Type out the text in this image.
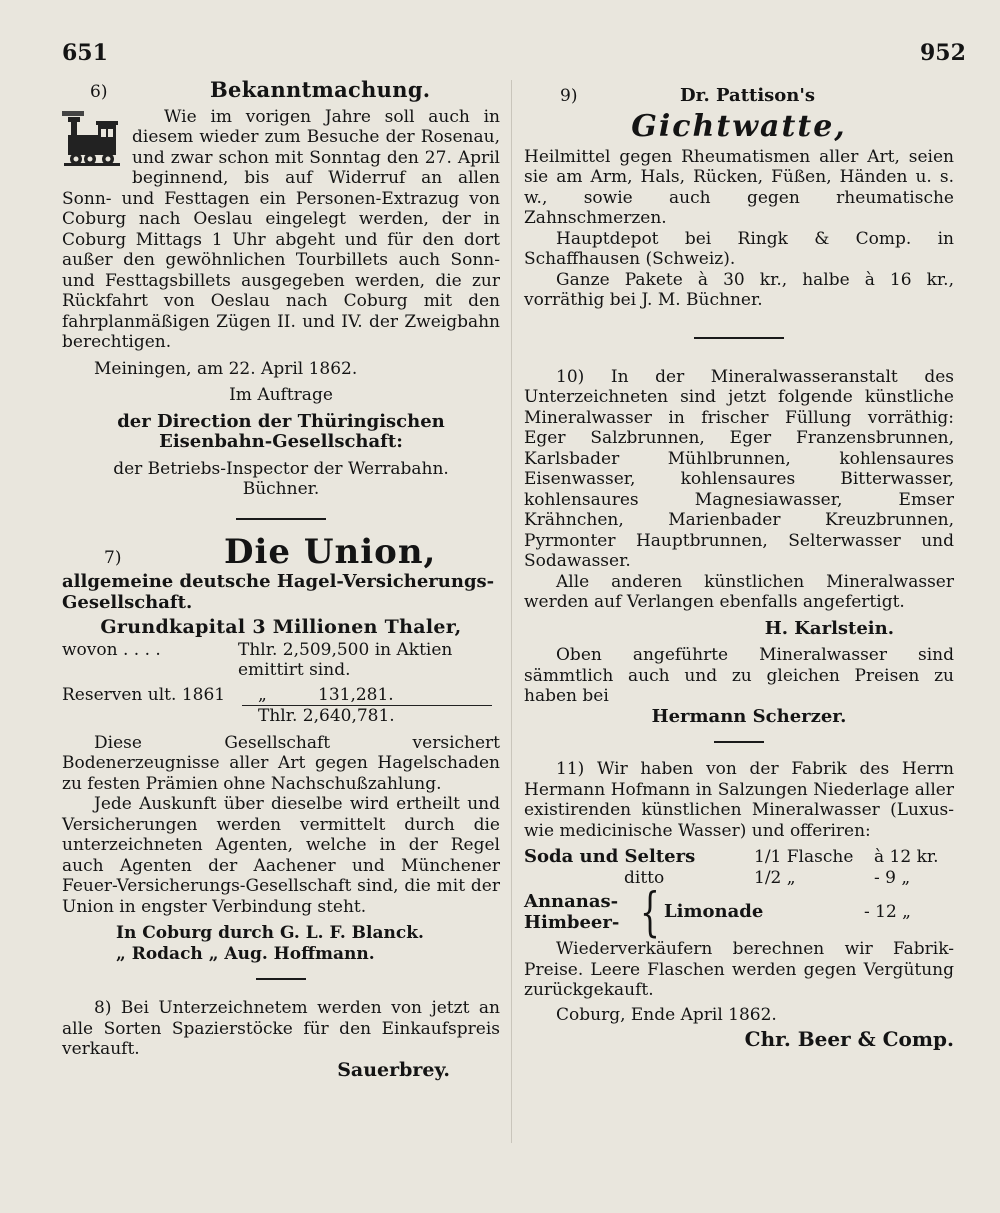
651	952
6)	Bekanntmachung.

Wie im vorigen Jahre soll auch in diesem wieder zum Besuche der Rosenau, und zwar schon mit Sonntag den 27. April beginnend, bis auf Widerruf an allen Sonn- und Festtagen ein Personen-Extrazug von Coburg nach Oeslau eingelegt werden, der in Coburg Mittags 1 Uhr abgeht und für den dort außer den gewöhnlichen Tourbillets auch Sonn- und Festtagsbillets ausgegeben werden, die zur Rückfahrt von Oeslau nach Coburg mit den fahrplanmäßigen Zügen II. und IV. der Zweigbahn berechtigen.

Meiningen, am 22. April 1862.

Im Auftrage

der Direction der Thüringischen Eisenbahn-Gesellschaft:

der Betriebs-Inspector der Werrabahn.

Büchner.

7)	Die Union,

allgemeine deutsche Hagel-Versicherungs-Gesellschaft.

Grundkapital 3 Millionen Thaler,

wovon . . . .	Thlr. 2,509,500 in Aktien emittirt sind.
Reserven ult. 1861	„	131,281.

Thlr. 2,640,781.

Diese Gesellschaft versichert Bodenerzeugnisse aller Art gegen Hagelschaden zu festen Prämien ohne Nachschußzahlung.

Jede Auskunft über dieselbe wird ertheilt und Versicherungen werden vermittelt durch die unterzeichneten Agenten, welche in der Regel auch Agenten der Aachener und Münchener Feuer-Versicherungs-Gesellschaft sind, die mit der Union in engster Verbindung steht.

In Coburg durch G. L. F. Blanck.

„ Rodach „ Aug. Hoffmann.

8) Bei Unterzeichnetem werden von jetzt an alle Sorten Spazierstöcke für den Einkaufspreis verkauft.

Sauerbrey.

9)	Dr. Pattison's

Gichtwatte,

Heilmittel gegen Rheumatismen aller Art, seien sie am Arm, Hals, Rücken, Füßen, Händen u. s. w., sowie auch gegen rheumatische Zahnschmerzen.

Hauptdepot bei Ringk & Comp. in Schaffhausen (Schweiz).

Ganze Pakete à 30 kr., halbe à 16 kr., vorräthig bei J. M. Büchner.

10) In der Mineralwasseranstalt des Unterzeichneten sind jetzt folgende künstliche Mineralwasser in frischer Füllung vorräthig: Eger Salzbrunnen, Eger Franzensbrunnen, Karlsbader Mühlbrunnen, kohlensaures Eisenwasser, kohlensaures Bitterwasser, kohlensaures Magnesiawasser, Emser Krähnchen, Marienbader Kreuzbrunnen, Pyrmonter Hauptbrunnen, Selterwasser und Sodawasser.

Alle anderen künstlichen Mineralwasser werden auf Verlangen ebenfalls angefertigt.

H. Karlstein.

Oben angeführte Mineralwasser sind sämmtlich auch und zu gleichen Preisen zu haben bei

Hermann Scherzer.

11) Wir haben von der Fabrik des Herrn Hermann Hofmann in Salzungen Niederlage aller existirenden künstlichen Mineralwasser (Luxus- wie medicinische Wasser) und offeriren:

Soda und Selters	1/1 Flasche	à 12 kr.
ditto	1/2 „	- 9 „

Annanas-

Himbeer- { Limonade	- 12 „

Wiederverkäufern berechnen wir Fabrik-Preise. Leere Flaschen werden gegen Vergütung zurückgekauft.

Coburg, Ende April 1862.

Chr. Beer & Comp.
